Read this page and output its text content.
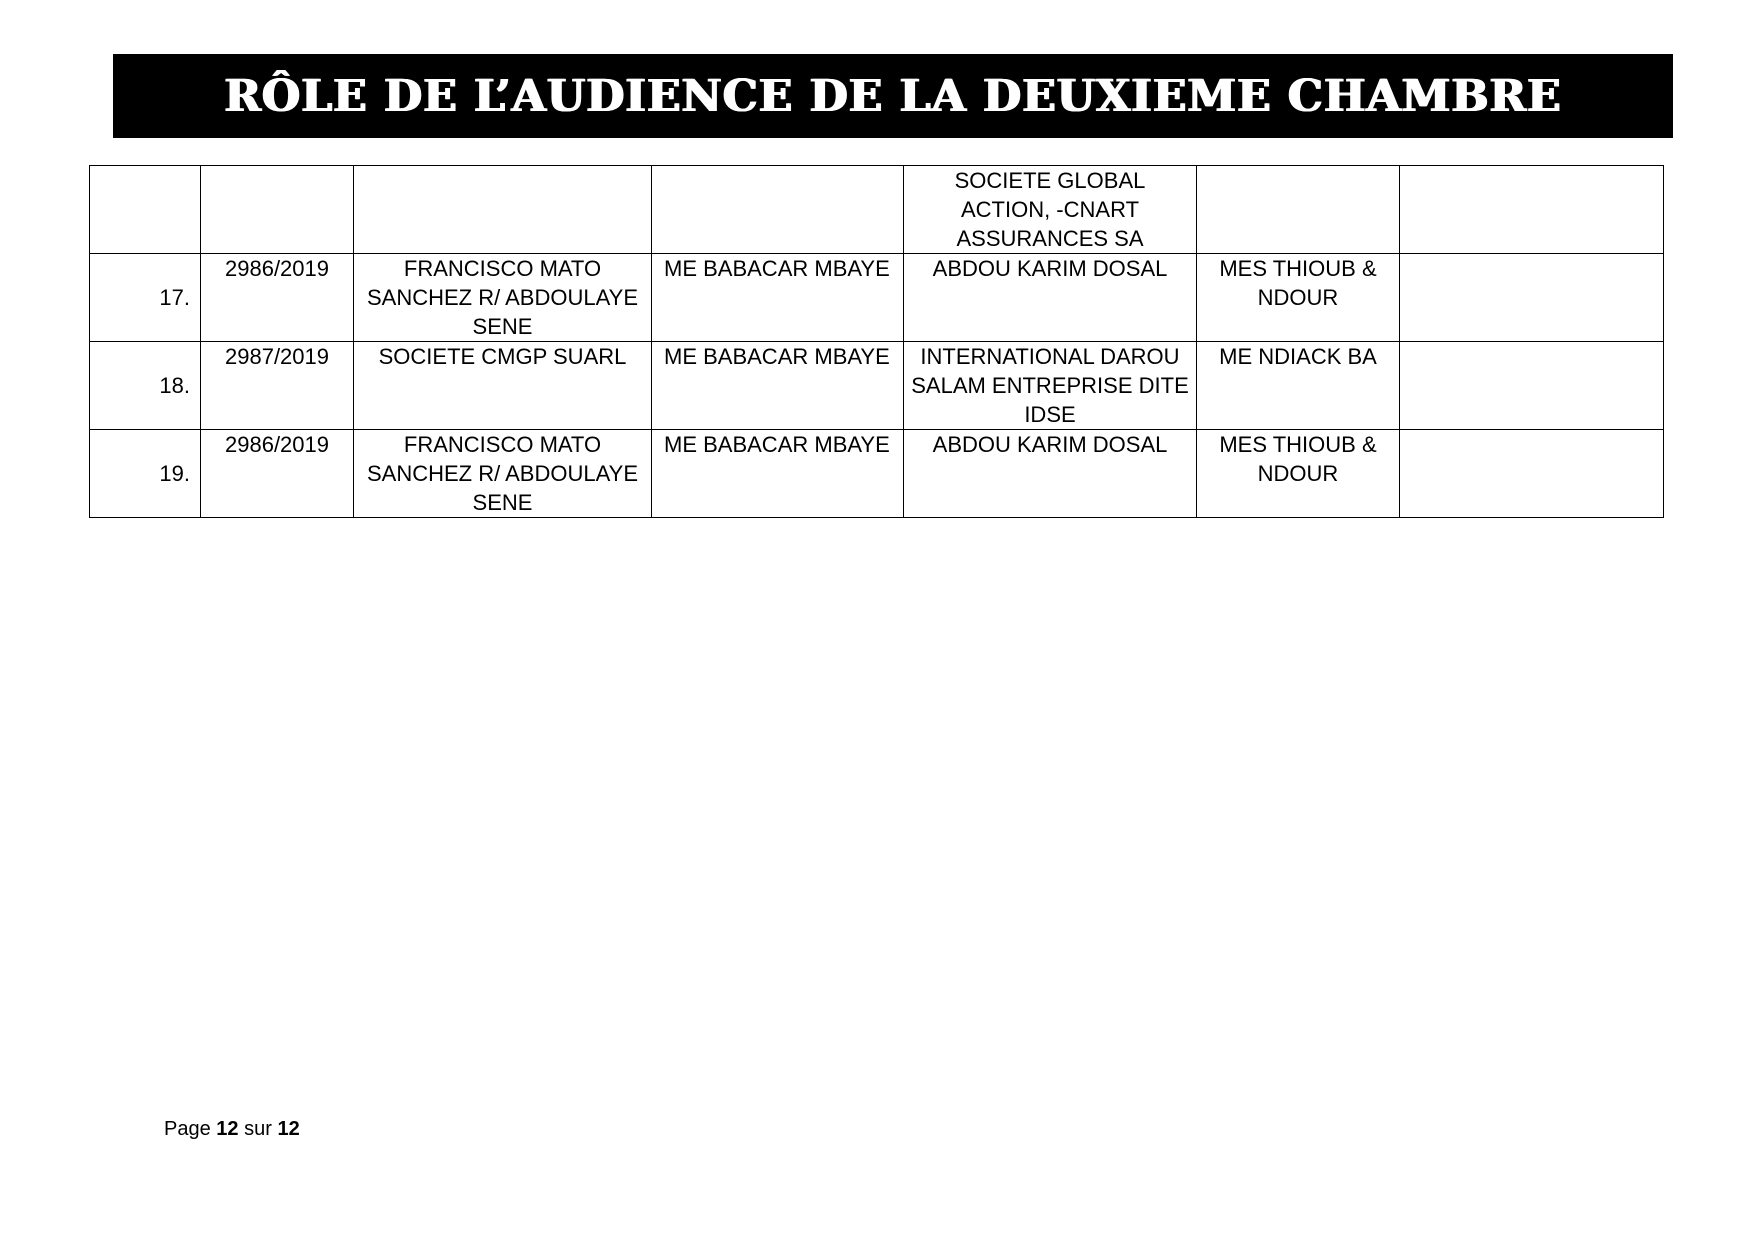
RÔLE DE L’AUDIENCE DE LA DEUXIEME CHAMBRE
				SOCIETE GLOBAL ACTION, -CNART ASSURANCES SA		
17.	2986/2019	FRANCISCO MATO SANCHEZ R/ ABDOULAYE SENE	ME BABACAR MBAYE	ABDOU KARIM DOSAL	MES THIOUB & NDOUR	
18.	2987/2019	SOCIETE CMGP SUARL	ME BABACAR MBAYE	INTERNATIONAL DAROU SALAM ENTREPRISE DITE IDSE	ME NDIACK BA	
19.	2986/2019	FRANCISCO MATO SANCHEZ R/ ABDOULAYE SENE	ME BABACAR MBAYE	ABDOU KARIM DOSAL	MES THIOUB & NDOUR	
Page 12 sur 12
